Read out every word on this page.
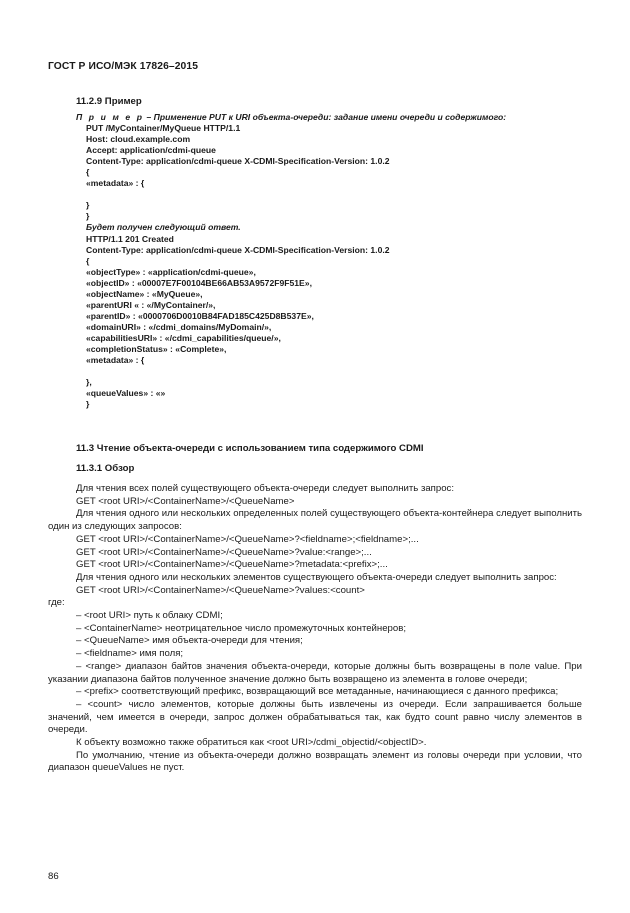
ГОСТ Р ИСО/МЭК 17826–2015
11.2.9 Пример
П р и м е р – Применение PUT к URI объекта-очереди: задание имени очереди и содержимого:
PUT /MyContainer/MyQueue HTTP/1.1
Host: cloud.example.com
Accept: application/cdmi-queue
Content-Type: application/cdmi-queue X-CDMI-Specification-Version: 1.0.2
{
«metadata» : {
}
}
Будет получен следующий ответ.
HTTP/1.1 201 Created
Content-Type: application/cdmi-queue X-CDMI-Specification-Version: 1.0.2
{
«objectType» : «application/cdmi-queue»,
«objectID» : «00007E7F00104BE66AB53A9572F9F51E»,
«objectName» : «MyQueue»,
«parentURI « : «/MyContainer/»,
«parentID» : «0000706D0010B84FAD185C425D8B537E»,
«domainURI» : «/cdmi_domains/MyDomain/»,
«capabilitiesURI» : «/cdmi_capabilities/queue/»,
«completionStatus» : «Complete»,
«metadata» : {
},
«queueValues» : «»
}
11.3 Чтение объекта-очереди с использованием типа содержимого CDMI
11.3.1 Обзор
Для чтения всех полей существующего объекта-очереди следует выполнить запрос:
GET <root URI>/<ContainerName>/<QueueName>
Для чтения одного или нескольких определенных полей существующего объекта-контейнера следует выполнить один из следующих запросов:
GET <root URI>/<ContainerName>/<QueueName>?<fieldname>;<fieldname>;...
GET <root URI>/<ContainerName>/<QueueName>?value:<range>;...
GET <root URI>/<ContainerName>/<QueueName>?metadata:<prefix>;...
Для чтения одного или нескольких элементов существующего объекта-очереди следует выполнить запрос:
GET <root URI>/<ContainerName>/<QueueName>?values:<count>
где:
– <root URI> путь к облаку CDMI;
– <ContainerName> неотрицательное число промежуточных контейнеров;
– <QueueName> имя объекта-очереди для чтения;
– <fieldname> имя поля;
– <range> диапазон байтов значения объекта-очереди, которые должны быть возвращены в поле value. При указании диапазона байтов полученное значение должно быть возвращено из элемента в голове очереди;
– <prefix> соответствующий префикс, возвращающий все метаданные, начинающиеся с данного префикса;
– <count> число элементов, которые должны быть извлечены из очереди. Если запрашивается больше значений, чем имеется в очереди, запрос должен обрабатываться так, как будто count равно числу элементов в очереди.
К объекту возможно также обратиться как <root URI>/cdmi_objectid/<objectID>.
По умолчанию, чтение из объекта-очереди должно возвращать элемент из головы очереди при условии, что диапазон queueValues не пуст.
86
